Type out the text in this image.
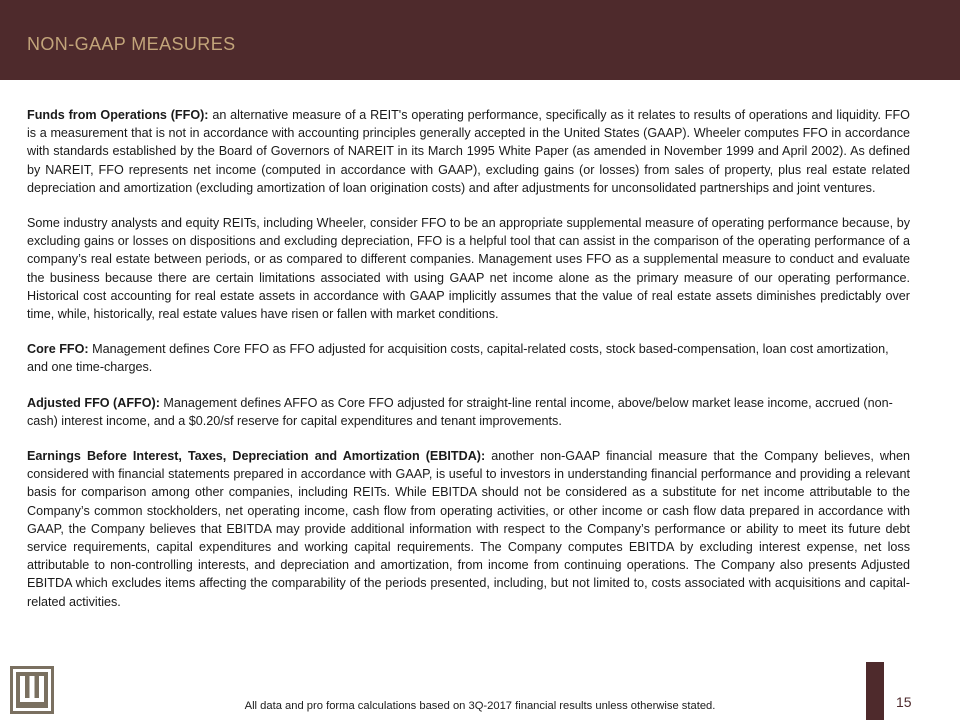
NON-GAAP MEASURES

Funds from Operations (FFO): an alternative measure of a REIT's operating performance, specifically as it relates to results of operations and liquidity. FFO is a measurement that is not in accordance with accounting principles generally accepted in the United States (GAAP). Wheeler computes FFO in accordance with standards established by the Board of Governors of NAREIT in its March 1995 White Paper (as amended in November 1999 and April 2002). As defined by NAREIT, FFO represents net income (computed in accordance with GAAP), excluding gains (or losses) from sales of property, plus real estate related depreciation and amortization (excluding amortization of loan origination costs) and after adjustments for unconsolidated partnerships and joint ventures.

Some industry analysts and equity REITs, including Wheeler, consider FFO to be an appropriate supplemental measure of operating performance because, by excluding gains or losses on dispositions and excluding depreciation, FFO is a helpful tool that can assist in the comparison of the operating performance of a company’s real estate between periods, or as compared to different companies. Management uses FFO as a supplemental measure to conduct and evaluate the business because there are certain limitations associated with using GAAP net income alone as the primary measure of our operating performance. Historical cost accounting for real estate assets in accordance with GAAP implicitly assumes that the value of real estate assets diminishes predictably over time, while, historically, real estate values have risen or fallen with market conditions.

Core FFO: Management defines Core FFO as FFO adjusted for acquisition costs, capital-related costs, stock based-compensation, loan cost amortization, and one time-charges.

Adjusted FFO (AFFO): Management defines AFFO as Core FFO adjusted for straight-line rental income, above/below market lease income, accrued (non-cash) interest income, and a $0.20/sf reserve for capital expenditures and tenant improvements.

Earnings Before Interest, Taxes, Depreciation and Amortization (EBITDA): another non-GAAP financial measure that the Company believes, when considered with financial statements prepared in accordance with GAAP, is useful to investors in understanding financial performance and providing a relevant basis for comparison among other companies, including REITs. While EBITDA should not be considered as a substitute for net income attributable to the Company’s common stockholders, net operating income, cash flow from operating activities, or other income or cash flow data prepared in accordance with GAAP, the Company believes that EBITDA may provide additional information with respect to the Company’s performance or ability to meet its future debt service requirements, capital expenditures and working capital requirements. The Company computes EBITDA by excluding interest expense, net loss attributable to non-controlling interests, and depreciation and amortization, from income from continuing operations. The Company also presents Adjusted EBITDA which excludes items affecting the comparability of the periods presented, including, but not limited to, costs associated with acquisitions and capital-related activities.

All data and pro forma calculations based on 3Q-2017 financial results unless otherwise stated.	15
